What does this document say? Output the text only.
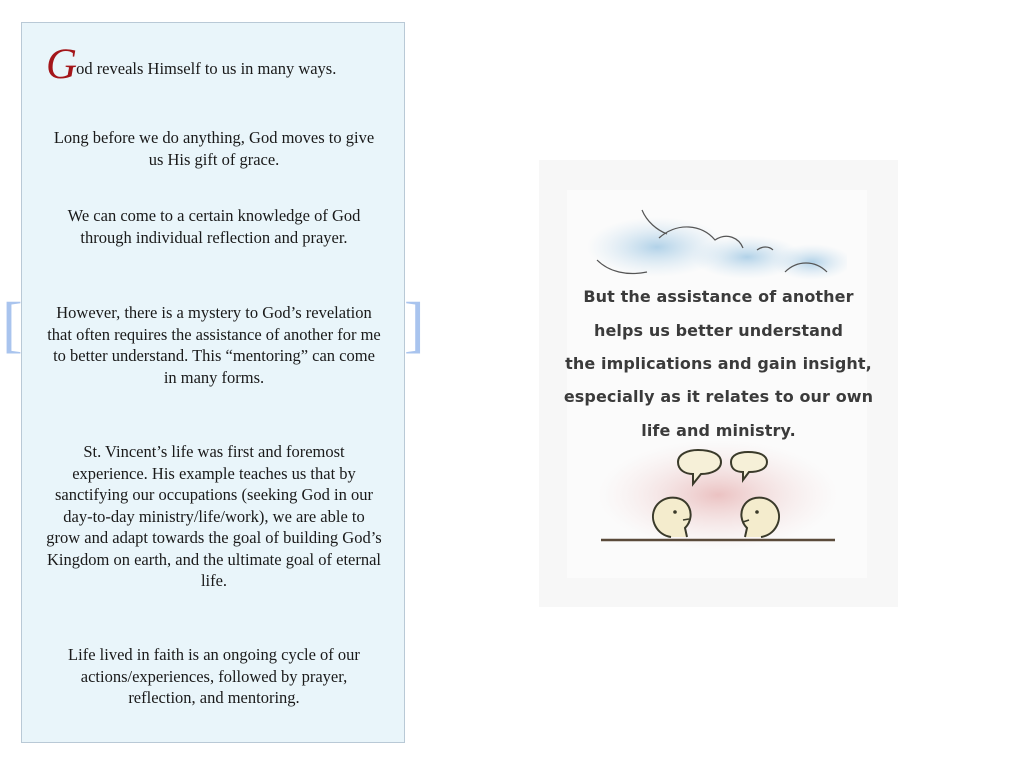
God reveals Himself to us in many ways.
Long before we do anything, God moves to give us His gift of grace.
We can come to a certain knowledge of God through individual reflection and prayer.
However, there is a mystery to God’s revelation that often requires the assistance of another for me to better understand. This “mentoring” can come in many forms.
St. Vincent’s life was first and foremost experience. His example teaches us that by sanctifying our occupations (seeking God in our day-to-day ministry/life/work), we are able to grow and adapt towards the goal of building God’s Kingdom on earth, and the ultimate goal of eternal life.
Life lived in faith is an ongoing cycle of our actions/experiences, followed by prayer, reflection, and mentoring.
[	]	But the assistance of another
helps us better understand
the implications and gain insight,
especially as it relates to our own
life and ministry.
